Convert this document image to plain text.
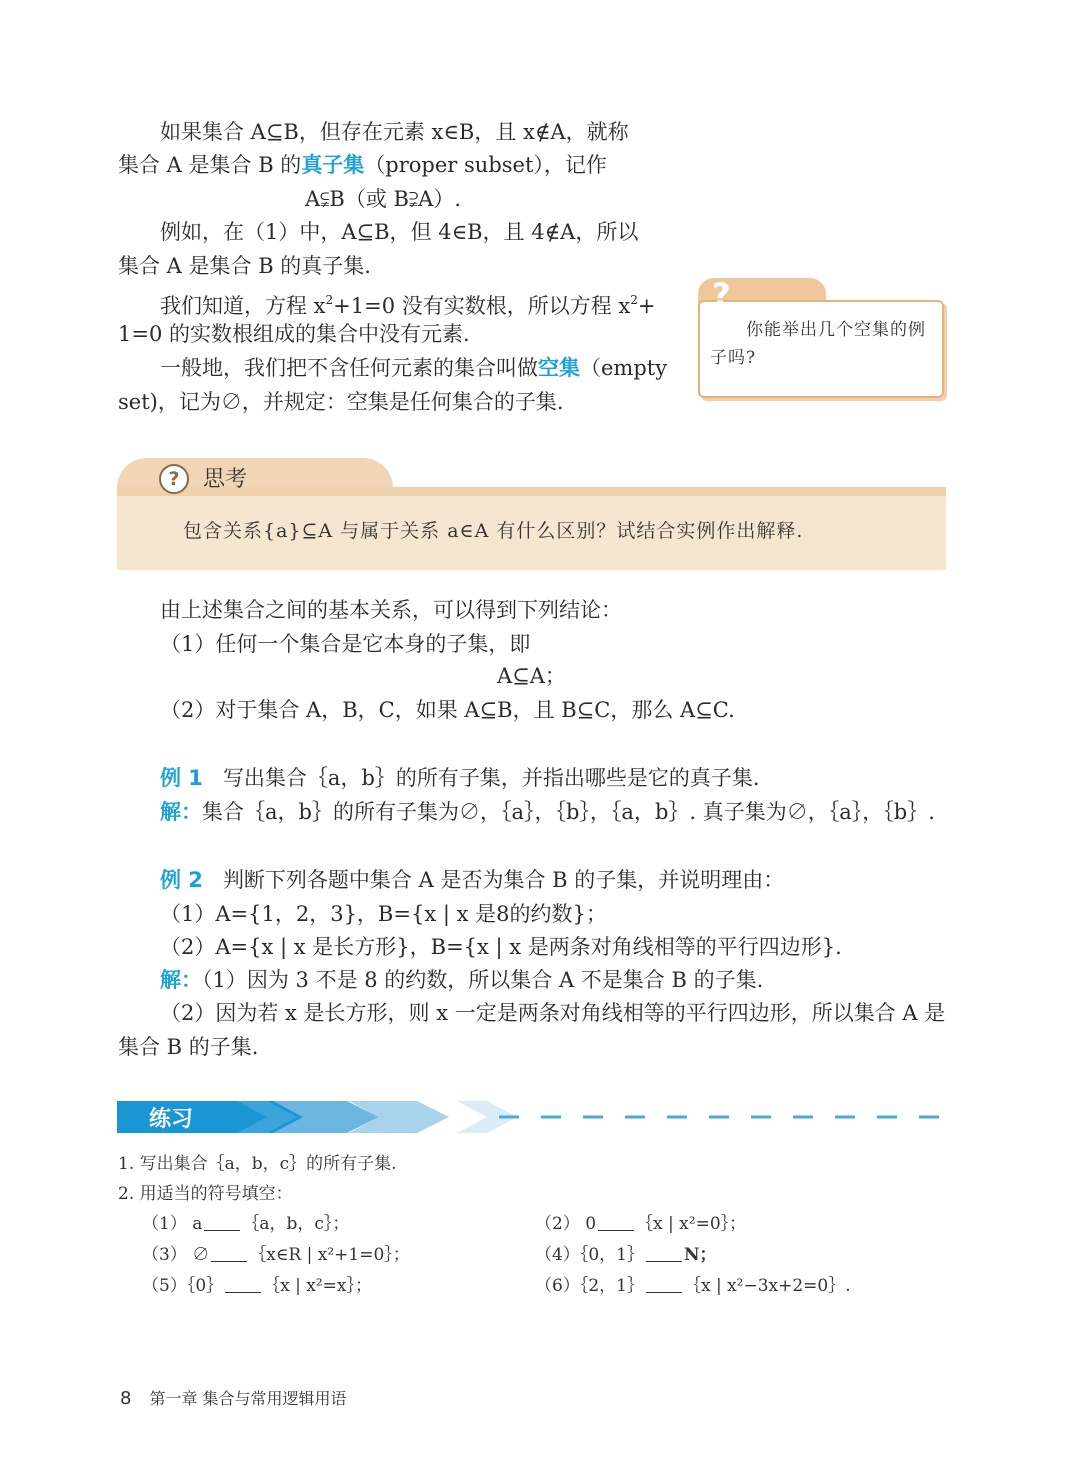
如果集合 A⊆B，但存在元素 x∈B，且 x∉A，就称
集合 A 是集合 B 的真子集（proper subset），记作
A⫋B（或 B⫌A）.
例如，在（1）中，A⊆B，但 4∈B，且 4∉A，所以
集合 A 是集合 B 的真子集.
我们知道，方程 $x^2+1=0$ 没有实数根，所以方程 $x^2+$
1=0 的实数根组成的集合中没有元素.
一般地，我们把不含任何元素的集合叫做空集（empty
set)，记为∅，并规定：空集是任何集合的子集.
?
你能举出几个空集的例子吗?
?	思考
包含关系{a}⊆A 与属于关系 a∈A 有什么区别？试结合实例作出解释.
由上述集合之间的基本关系，可以得到下列结论：
（1）任何一个集合是它本身的子集，即
A⊆A；
（2）对于集合 A，B，C，如果 A⊆B，且 B⊆C，那么 A⊆C.
例 1 写出集合｛a，b｝的所有子集，并指出哪些是它的真子集.
解：集合｛a，b｝的所有子集为∅，｛a｝，｛b｝，｛a，b｝. 真子集为∅，｛a｝，｛b｝.
例 2 判断下列各题中集合 A 是否为集合 B 的子集，并说明理由：
（1）A={1，2，3}，B={x | x 是8的约数}；
（2）A={x | x 是长方形}，B={x | x 是两条对角线相等的平行四边形}.
解：（1）因为 3 不是 8 的约数，所以集合 A 不是集合 B 的子集.
（2）因为若 x 是长方形，则 x 一定是两条对角线相等的平行四边形，所以集合 A 是
集合 B 的子集.
练习
1. 写出集合｛a，b，c｝的所有子集.
2. 用适当的符号填空：
（1） a ｛a，b，c｝；	（2） 0 ｛x | x²=0｝；
（3） ∅ ｛x∈R | x²+1=0｝；	（4）｛0，1｝ N；
（5）｛0｝ ｛x | x²=x｝；	（6）｛2，1｝ ｛x | x²−3x+2=0｝.
8 第一章 集合与常用逻辑用语
